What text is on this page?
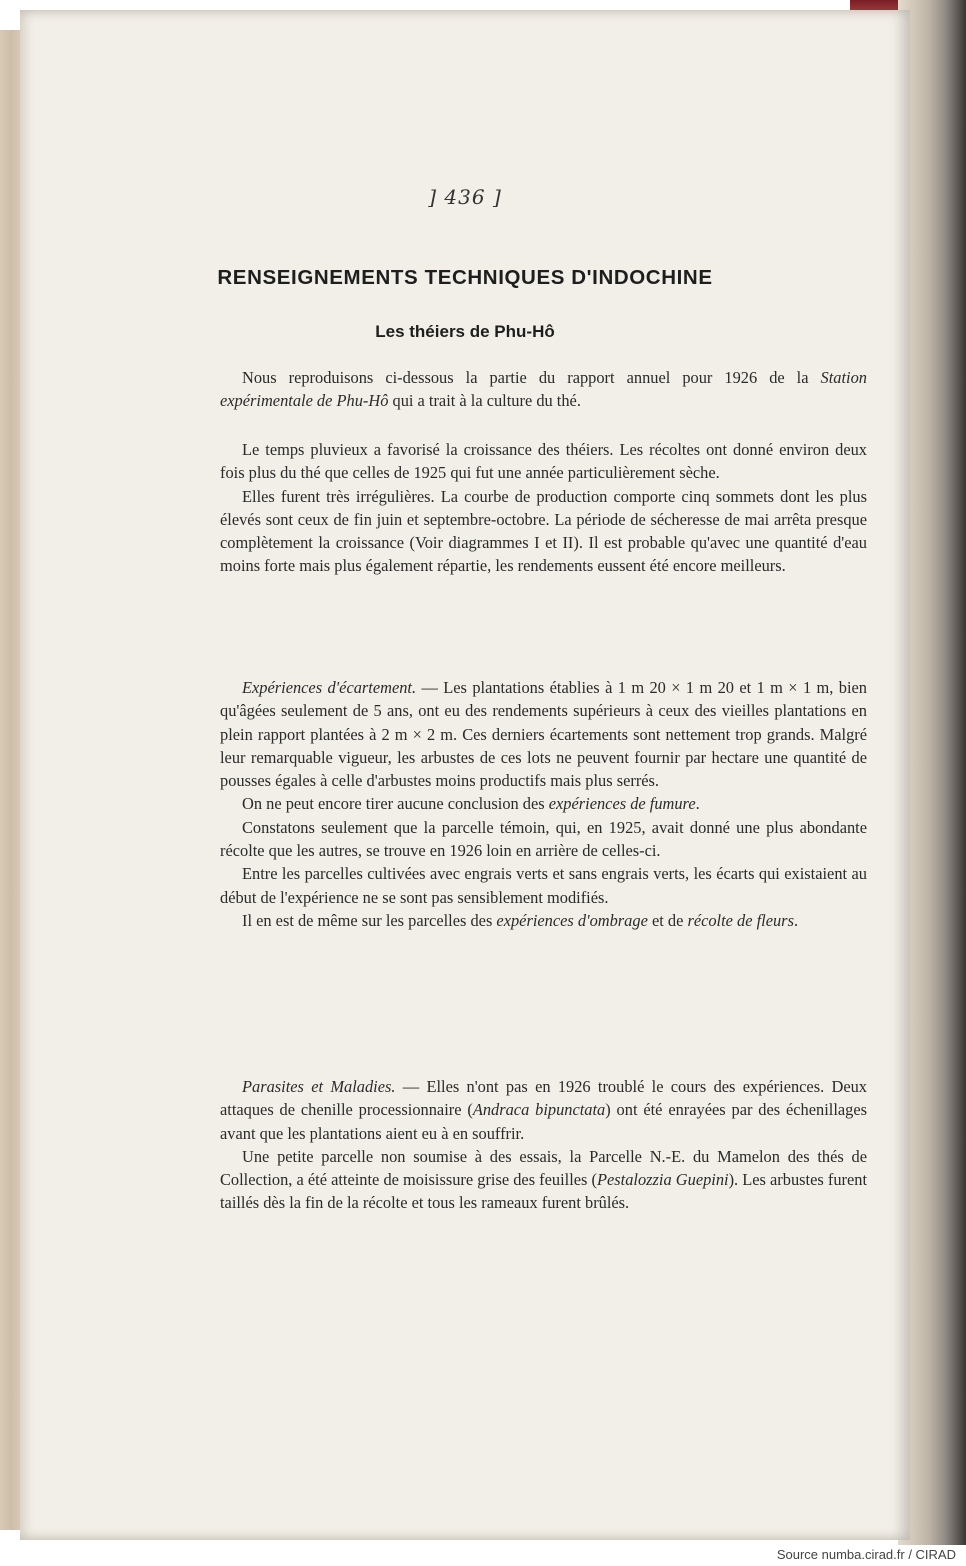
] 436 ]
RENSEIGNEMENTS TECHNIQUES D'INDOCHINE
Les théiers de Phu-Hô

Nous reproduisons ci-dessous la partie du rapport annuel pour 1926 de la Station expérimentale de Phu-Hô qui a trait à la culture du thé.

Le temps pluvieux a favorisé la croissance des théiers. Les récoltes ont donné environ deux fois plus du thé que celles de 1925 qui fut une année particulièrement sèche.

Elles furent très irrégulières. La courbe de production comporte cinq sommets dont les plus élevés sont ceux de fin juin et septembre-octobre. La période de sécheresse de mai arrêta presque complètement la croissance (Voir diagrammes I et II). Il est probable qu'avec une quantité d'eau moins forte mais plus également répartie, les rendements eussent été encore meilleurs.

Expériences d'écartement. — Les plantations établies à 1 m 20 × 1 m 20 et 1 m × 1 m, bien qu'âgées seulement de 5 ans, ont eu des rendements supérieurs à ceux des vieilles plantations en plein rapport plantées à 2 m × 2 m. Ces derniers écartements sont nettement trop grands. Malgré leur remarquable vigueur, les arbustes de ces lots ne peuvent fournir par hectare une quantité de pousses égales à celle d'arbustes moins productifs mais plus serrés.

On ne peut encore tirer aucune conclusion des expériences de fumure.

Constatons seulement que la parcelle témoin, qui, en 1925, avait donné une plus abondante récolte que les autres, se trouve en 1926 loin en arrière de celles-ci.

Entre les parcelles cultivées avec engrais verts et sans engrais verts, les écarts qui existaient au début de l'expérience ne se sont pas sensiblement modifiés.

Il en est de même sur les parcelles des expériences d'ombrage et de récolte de fleurs.

Parasites et Maladies. — Elles n'ont pas en 1926 troublé le cours des expériences. Deux attaques de chenille processionnaire (Andraca bipunctata) ont été enrayées par des échenillages avant que les plantations aient eu à en souffrir.

Une petite parcelle non soumise à des essais, la Parcelle N.-E. du Mamelon des thés de Collection, a été atteinte de moisissure grise des feuilles (Pestalozzia Guepini). Les arbustes furent taillés dès la fin de la récolte et tous les rameaux furent brûlés.

Source numba.cirad.fr / CIRAD
